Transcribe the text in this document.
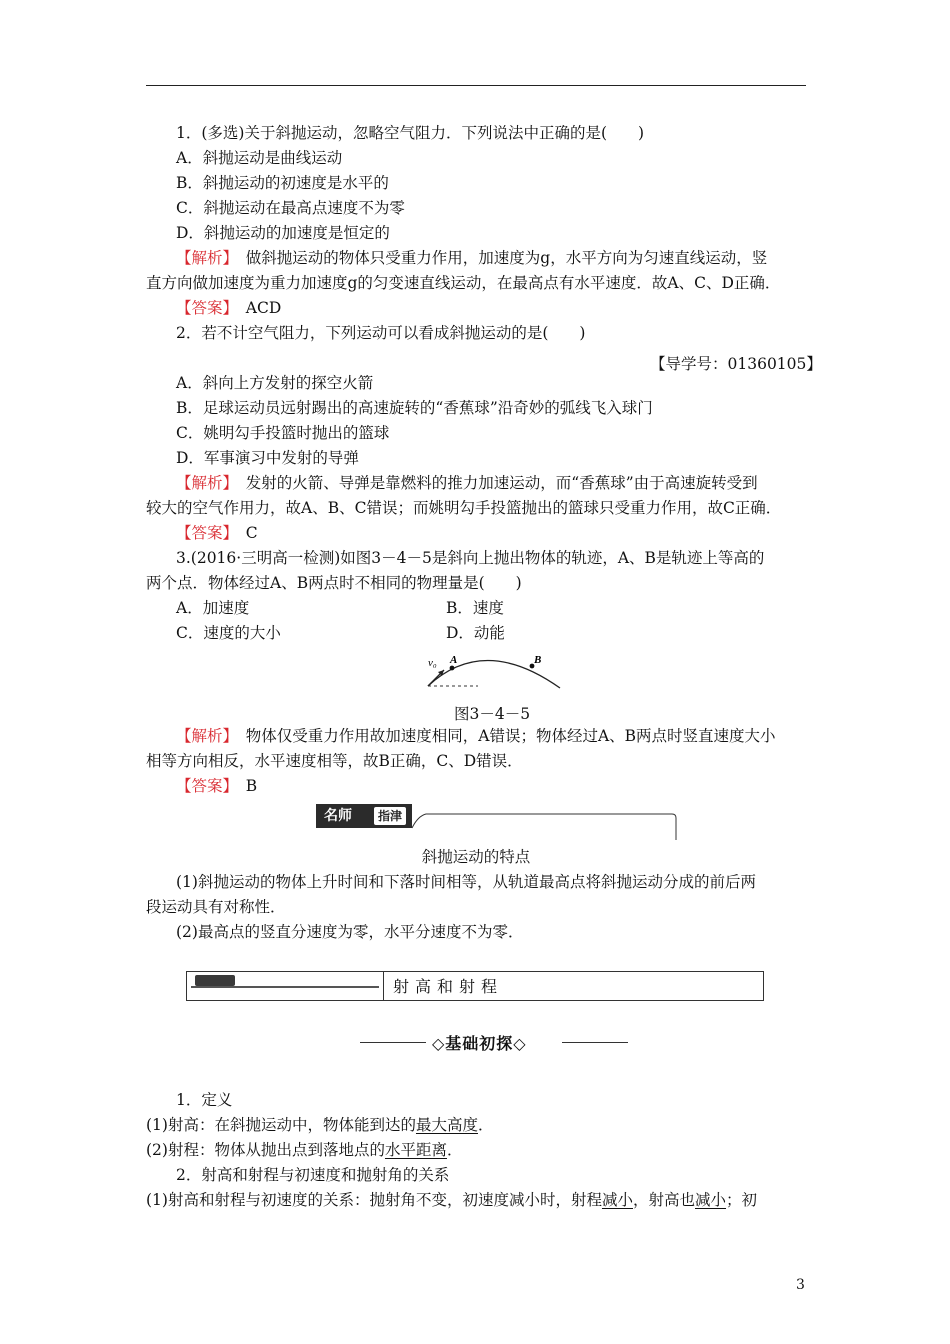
1．(多选)关于斜抛运动，忽略空气阻力．下列说法中正确的是(　　)
A．斜抛运动是曲线运动
B．斜抛运动的初速度是水平的
C．斜抛运动在最高点速度不为零
D．斜抛运动的加速度是恒定的
【解析】　做斜抛运动的物体只受重力作用，加速度为g，水平方向为匀速直线运动，竖
直方向做加速度为重力加速度g的匀变速直线运动，在最高点有水平速度．故A、C、D正确．
【答案】　ACD
2．若不计空气阻力，下列运动可以看成斜抛运动的是(　　)
【导学号：01360105】
A．斜向上方发射的探空火箭
B．足球运动员远射踢出的高速旋转的“香蕉球”沿奇妙的弧线飞入球门
C．姚明勾手投篮时抛出的篮球
D．军事演习中发射的导弹
【解析】　发射的火箭、导弹是靠燃料的推力加速运动，而“香蕉球”由于高速旋转受到
较大的空气作用力，故A、B、C错误；而姚明勾手投篮抛出的篮球只受重力作用，故C正确．
【答案】　C
3.(2016·三明高一检测)如图3－4－5是斜向上抛出物体的轨迹，A、B是轨迹上等高的
两个点．物体经过A、B两点时不相同的物理量是(　　)
A．加速度	B．速度
C．速度的大小	D．动能
v₀ A	B
图3－4－5
【解析】　物体仅受重力作用故加速度相同，A错误；物体经过A、B两点时竖直速度大小
相等方向相反，水平速度相等，故B正确，C、D错误．
【答案】　B
名师	指津
斜抛运动的特点
(1)斜抛运动的物体上升时间和下落时间相等，从轨道最高点将斜抛运动分成的前后两
段运动具有对称性．
(2)最高点的竖直分速度为零，水平分速度不为零．
射高和射程
◇基础初探◇
1．定义
(1)射高：在斜抛运动中，物体能到达的最大高度．
(2)射程：物体从抛出点到落地点的水平距离．
2．射高和射程与初速度和抛射角的关系
(1)射高和射程与初速度的关系：抛射角不变，初速度减小时，射程减小，射高也减小；初
3
